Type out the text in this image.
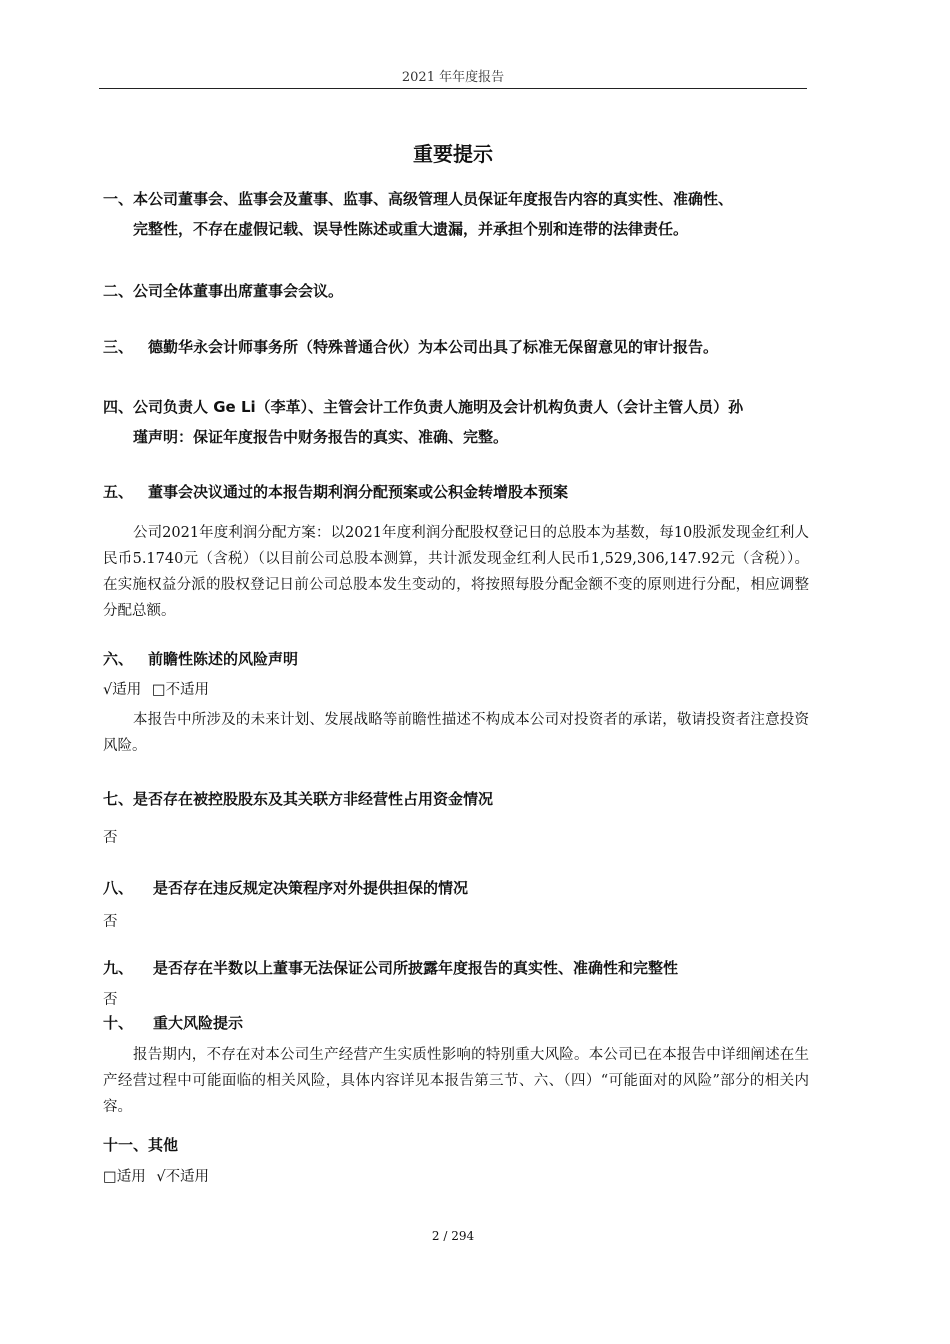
2021 年年度报告
重要提示
一、本公司董事会、监事会及董事、监事、高级管理人员保证年度报告内容的真实性、准确性、
完整性，不存在虚假记载、误导性陈述或重大遗漏，并承担个别和连带的法律责任。
二、公司全体董事出席董事会会议。
三、 德勤华永会计师事务所（特殊普通合伙）为本公司出具了标准无保留意见的审计报告。
四、公司负责人 Ge Li（李革）、主管会计工作负责人施明及会计机构负责人（会计主管人员）孙
瑾声明：保证年度报告中财务报告的真实、准确、完整。
五、 董事会决议通过的本报告期利润分配预案或公积金转增股本预案
公司2021年度利润分配方案：以2021年度利润分配股权登记日的总股本为基数，每10股派发现金红利人民币5.1740元（含税）（以目前公司总股本测算，共计派发现金红利人民币1,529,306,147.92元（含税））。在实施权益分派的股权登记日前公司总股本发生变动的，将按照每股分配金额不变的原则进行分配，相应调整分配总额。
六、 前瞻性陈述的风险声明
√适用 □不适用
本报告中所涉及的未来计划、发展战略等前瞻性描述不构成本公司对投资者的承诺，敬请投资者注意投资风险。
七、是否存在被控股股东及其关联方非经营性占用资金情况
否
八、 是否存在违反规定决策程序对外提供担保的情况
否
九、 是否存在半数以上董事无法保证公司所披露年度报告的真实性、准确性和完整性
否
十、 重大风险提示
报告期内，不存在对本公司生产经营产生实质性影响的特别重大风险。本公司已在本报告中详细阐述在生产经营过程中可能面临的相关风险，具体内容详见本报告第三节、六、（四）“可能面对的风险”部分的相关内容。
十一、其他
□适用 √不适用
2 / 294
